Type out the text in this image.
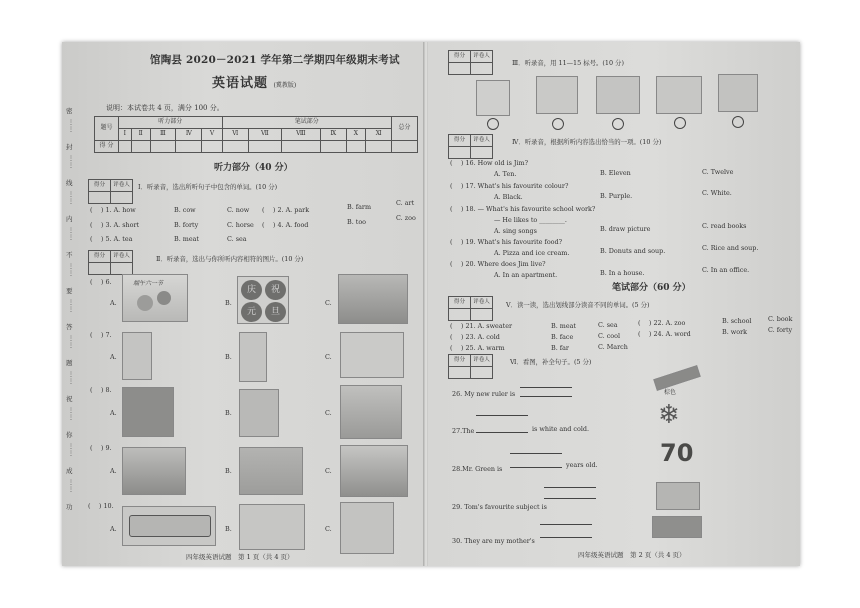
密
⋮
⋮
封
⋮
⋮
线
⋮
⋮
内
⋮
⋮
不
⋮
⋮
要
⋮
⋮
答
⋮
⋮
题
⋮
⋮
祝
⋮
⋮
你
⋮
⋮
成
⋮
⋮
功
馆陶县 2020－2021 学年第二学期四年级期末考试
英语试题 (冀教版)
说明：本试卷共 4 页，满分 100 分。
题号	听力部分					笔试部分						总分
	Ⅰ	Ⅱ	Ⅲ	Ⅳ	Ⅴ	Ⅵ	Ⅶ	Ⅷ	Ⅸ	Ⅹ	Ⅺ	
得 分												
听力部分（40 分）
得分	评卷人
	Ⅰ．听录音，选出所听句子中包含的单词。(10 分)
( 　) 1. A. how	B. cow	C. now ( 　) 2. A. park	B. farm	C. art
( 　) 3. A. short	B. forty	C. horse ( 　) 4. A. food	B. too	C. zoo
( 　) 5. A. tea	B. meat	C. sea
得分	评卷人
		Ⅱ．听录音，选出与你所听内容相符的图片。(10 分)
( 　) 6.
A.
端午六一节
B.
庆	祝
元	旦
C.
( 　) 7.
A.	B.	C.
( 　) 8.
A.	B.	C.
( 　) 9.
A.	B.	C.
( 　) 10.
A.	B.	C.
四年级英语试题　第 1 页（共 4 页）
得分	评卷人

Ⅲ．听录音，用 11—15 标号。(10 分)
得分	评卷人
		Ⅳ．听录音，根据所听内容选出恰当的一项。(10 分)
( 　) 16. How old is Jim?
A. Ten.	B. Eleven	C. Twelve
( 　) 17. What's his favourite colour?
A. Black.	B. Purple.	C. White.
( 　) 18. — What's his favourite school work?
— He likes to ________.
A. sing songs	B. draw picture	C. read books
( 　) 19. What's his favourite food?
A. Pizza and ice cream.	B. Donuts and soup.	C. Rice and soup.
( 　) 20. Where does Jim live?
A. In an apartment.	B. In a house.	C. In an office.
笔试部分（60 分）
得分	评卷人
		Ⅴ．读一读，选出划线部分读音不同的单词。(5 分)
( 　) 21. A. sweater	B. meat	C. sea	( 　) 22. A. zoo	B. school	C. book
( 　) 23. A. cold	B. face	C. cool	( 　) 24. A. word	B. work	C. forty
( 　) 25. A. warm	B. far	C. March
得分	评卷人
		Ⅵ．看图，补全句子。(5 分)
26. My new ruler is	棕色
27.The	is white and cold.	❄
28.Mr. Green is	years old.	70
29. Tom's favourite subject is
30. They are my mother's
四年级英语试题　第 2 页（共 4 页）
